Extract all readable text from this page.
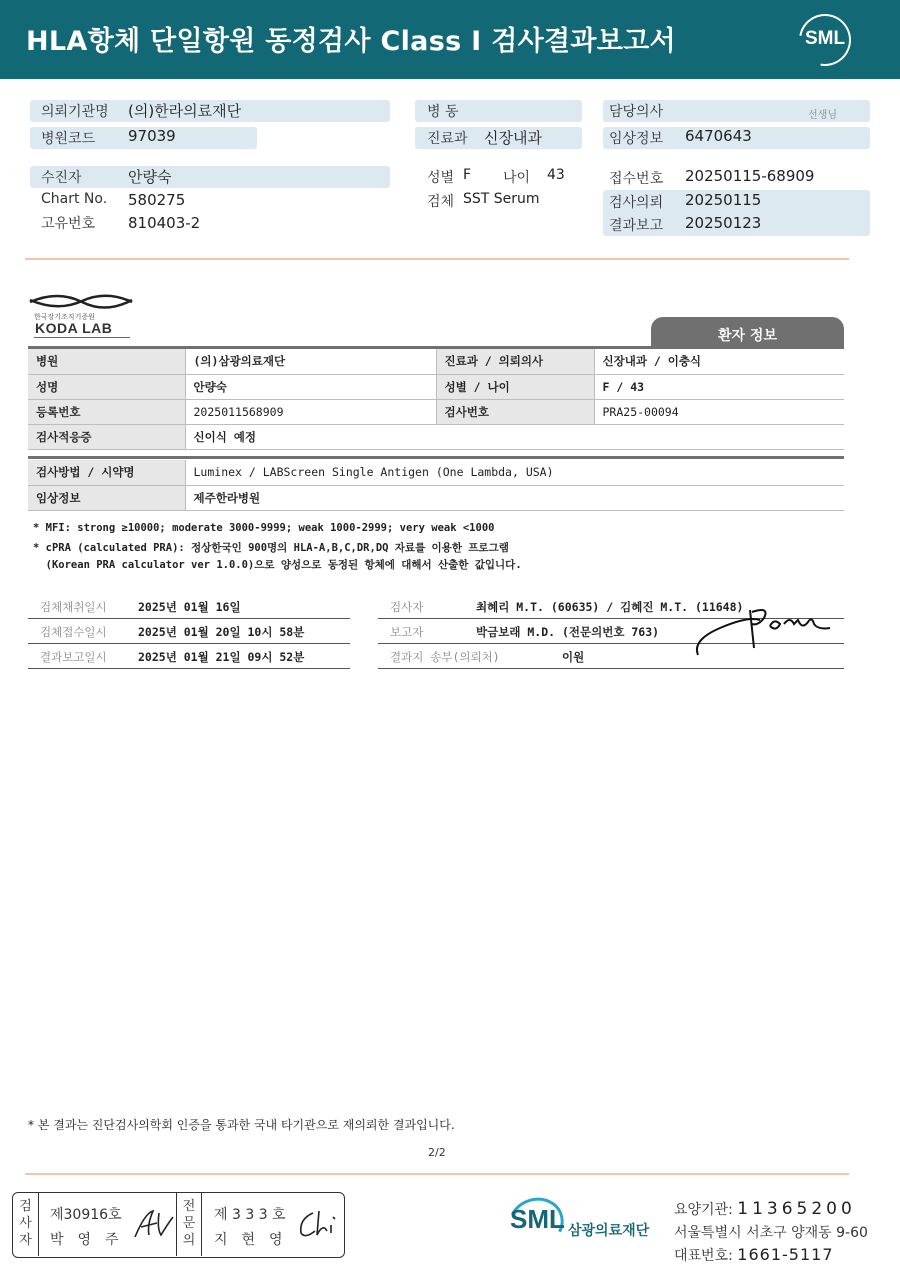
HLA항체 단일항원 동정검사 Class I 검사결과보고서	SML
의뢰기관명 (의)한라의료재단
병원코드 97039
수진자	안량숙
Chart No. 580275
고유번호 810403-2
병 동
진료과 신장내과
성별 F 나이 43
검체 SST Serum
담당의사	선생님
임상정보 6470643
접수번호 20250115-68909
검사의뢰 20250115
결과보고 20250123
한국장기조직기증원
KODA LAB	환자 정보
병원	(의)삼광의료재단	진료과 / 의뢰의사	신장내과 / 이충식
성명	안량숙	성별 / 나이	F / 43
등록번호	2025011568909	검사번호	PRA25-00094
검사적응증	신이식 예정		
검사방법 / 시약명	Luminex / LABScreen Single Antigen (One Lambda, USA)
임상정보	제주한라병원
* MFI: strong ≥10000; moderate 3000-9999; weak 1000-2999; very weak <1000
* cPRA (calculated PRA): 정상한국인 900명의 HLA-A,B,C,DR,DQ 자료를 이용한 프로그램
(Korean PRA calculator ver 1.0.0)으로 양성으로 동정된 항체에 대해서 산출한 값입니다.
검체채취일시	2025년 01월 16일
검체접수일시	2025년 01월 20일 10시 58분
결과보고일시	2025년 01월 21일 09시 52분
검사자	최혜리 M.T. (60635) / 김혜진 M.T. (11648)
보고자	박금보래 M.D. (전문의번호 763)
결과지 송부(의뢰처)	이원
* 본 결과는 진단검사의학회 인증을 통과한 국내 타기관으로 재의뢰한 결과입니다.
2/2
검사자
제30916호
박영주
전문의
제 3 3 3 호
지현영
SML 삼광의료재단
요양기관: 11365200
서울특별시 서초구 양재동 9-60
대표번호: 1661-5117
